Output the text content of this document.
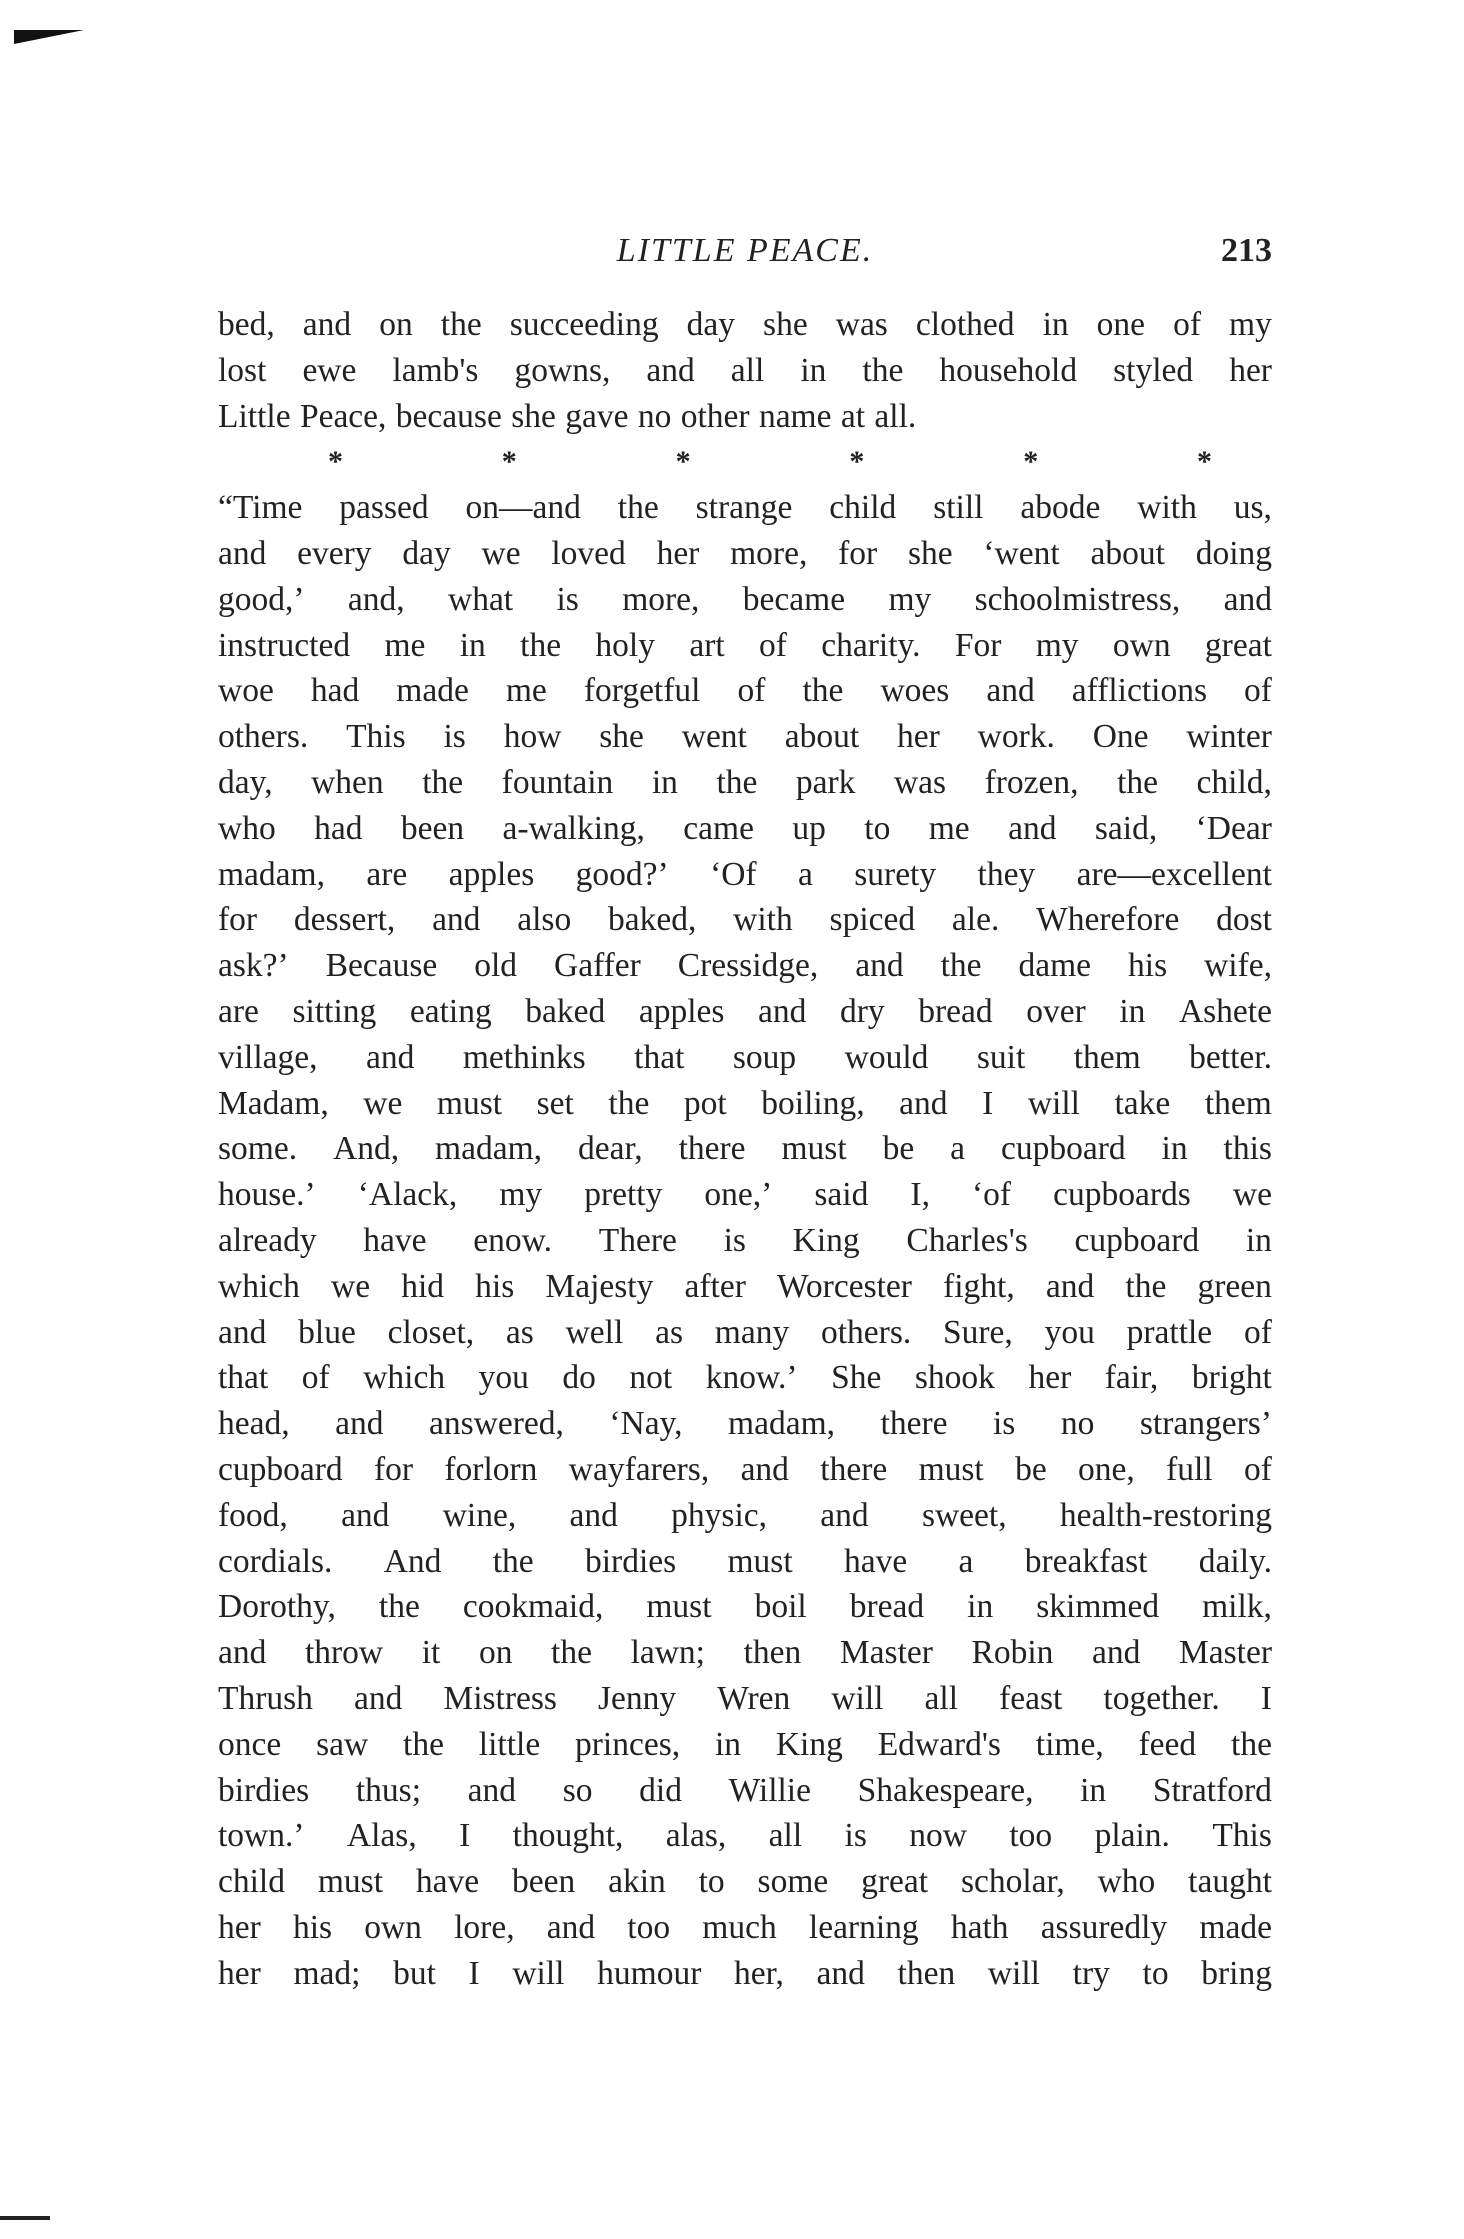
LITTLE PEACE.	213
bed, and on the succeeding day she was clothed in one of my
lost ewe lamb's gowns, and all in the household styled her
Little Peace, because she gave no other name at all.
*	*	*	*	*	*
“Time passed on—and the strange child still abode with us,
and every day we loved her more, for she ‘went about doing
good,’ and, what is more, became my schoolmistress, and
instructed me in the holy art of charity. For my own great
woe had made me forgetful of the woes and afflictions of
others. This is how she went about her work. One winter
day, when the fountain in the park was frozen, the child,
who had been a-walking, came up to me and said, ‘Dear
madam, are apples good?’ ‘Of a surety they are—excellent
for dessert, and also baked, with spiced ale. Wherefore dost
ask?’ Because old Gaffer Cressidge, and the dame his wife,
are sitting eating baked apples and dry bread over in Ashete
village, and methinks that soup would suit them better.
Madam, we must set the pot boiling, and I will take them
some. And, madam, dear, there must be a cupboard in this
house.’ ‘Alack, my pretty one,’ said I, ‘of cupboards we
already have enow. There is King Charles's cupboard in
which we hid his Majesty after Worcester fight, and the green
and blue closet, as well as many others. Sure, you prattle of
that of which you do not know.’ She shook her fair, bright
head, and answered, ‘Nay, madam, there is no strangers’
cupboard for forlorn wayfarers, and there must be one, full of
food, and wine, and physic, and sweet, health-restoring
cordials. And the birdies must have a breakfast daily.
Dorothy, the cookmaid, must boil bread in skimmed milk,
and throw it on the lawn; then Master Robin and Master
Thrush and Mistress Jenny Wren will all feast together. I
once saw the little princes, in King Edward's time, feed the
birdies thus; and so did Willie Shakespeare, in Stratford
town.’ Alas, I thought, alas, all is now too plain. This
child must have been akin to some great scholar, who taught
her his own lore, and too much learning hath assuredly made
her mad; but I will humour her, and then will try to bring
